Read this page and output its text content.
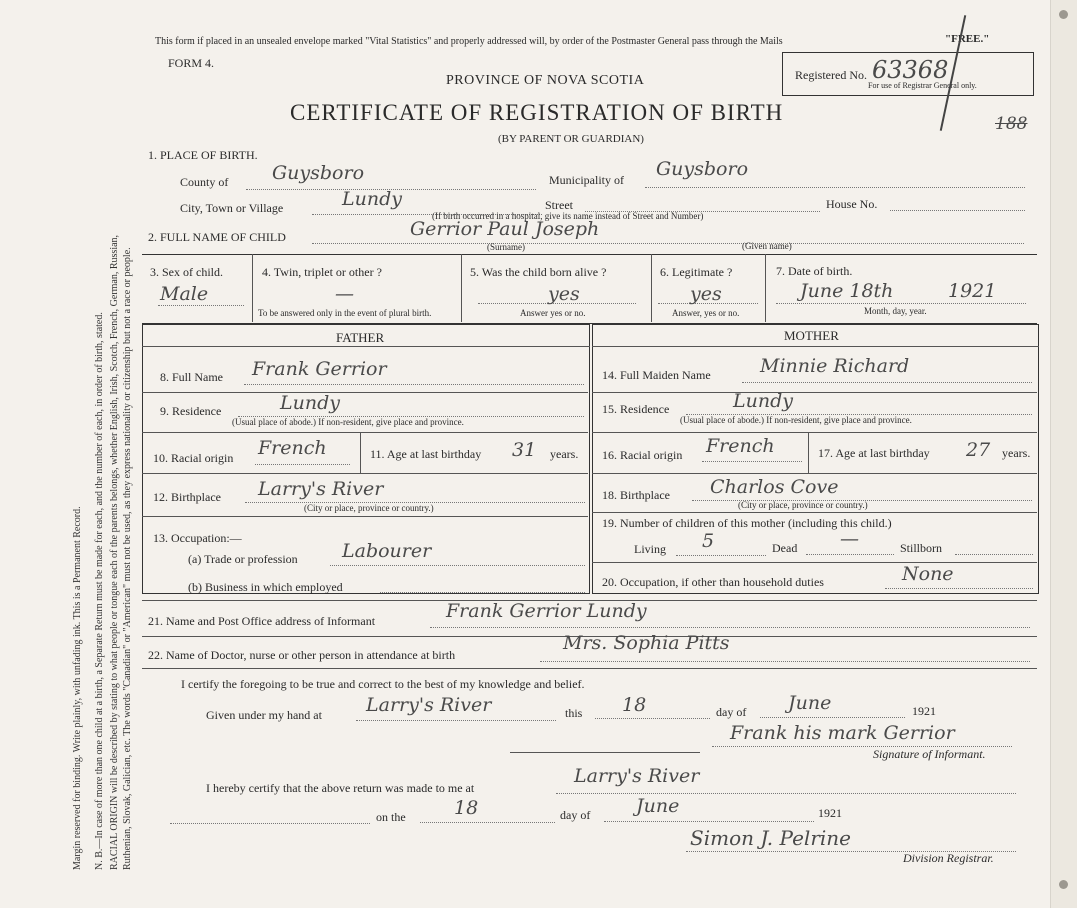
Margin reserved for binding. Write plainly, with unfading ink. This is a Permanent Record. N. B.—In case of more than one child at a birth, a Separate Return must be made for each, and the number of each, in order of birth, stated. RACIAL ORIGIN will be described by stating to what people or tongue each of the parents belongs, whether English, Irish, Scotch, French, German, Russian, Ruthenian, Slovak, Galician, etc. The words "Canadian" or "American" must not be used, as they express nationality or citizenship but not a race or people.
This form if placed in an unsealed envelope marked "Vital Statistics" and properly addressed will, by order of the Postmaster General pass through the Mails	"FREE."
FORM 4.
PROVINCE OF NOVA SCOTIA
CERTIFICATE OF REGISTRATION OF BIRTH
(BY PARENT OR GUARDIAN)
Registered No. 63368
For use of Registrar General only.
188
1. PLACE OF BIRTH.
County of Guysboro	Municipality of Guysboro
City, Town or Village	Lundy	Street	House No.
(If birth occurred in a hospital, give its name instead of Street and Number)
2. FULL NAME OF CHILD	Gerrior Paul Joseph
(Surname)	(Given name)
3. Sex of child.
Male
4. Twin, triplet or other ?
—
To be answered only in the event of plural birth.
5. Was the child born alive ?
yes
Answer yes or no.
6. Legitimate ?
yes
Answer, yes or no.
7. Date of birth.
June 18th	1921
Month, day, year.
FATHER	MOTHER
8. Full Name Frank Gerrior
9. Residence	Lundy
(Usual place of abode.) If non-resident, give place and province.
10. Racial origin French	11. Age at last birthday 31 years.
12. Birthplace Larry's River
(City or place, province or country.)
13. Occupation:—
(a) Trade or profession Labourer
(b) Business in which employed
14. Full Maiden Name	Minnie Richard
15. Residence	Lundy
(Usual place of abode.) If non-resident, give place and province.
16. Racial origin French	17. Age at last birthday 27 years.
18. Birthplace Charlos Cove
(City or place, province or country.)
19. Number of children of this mother (including this child.)
Living 5	Dead —	Stillborn
20. Occupation, if other than household duties	None
21. Name and Post Office address of Informant	Frank Gerrior Lundy
22. Name of Doctor, nurse or other person in attendance at birth
Mrs. Sophia Pitts
I certify the foregoing to be true and correct to the best of my knowledge and belief.
Given under my hand at Larry's River	this 18	day of June	1921
Frank his mark Gerrior
Signature of Informant.
I hereby certify that the above return was made to me at
Larry's River
on the	18	day of June	1921
Simon J. Pelrine
Division Registrar.
